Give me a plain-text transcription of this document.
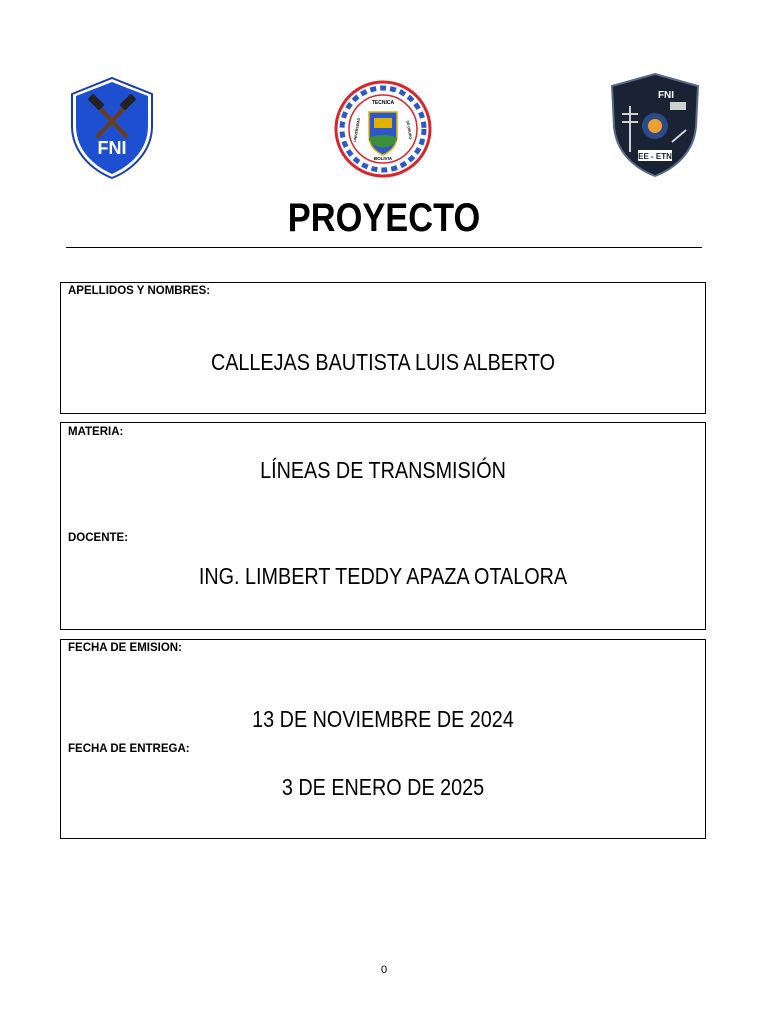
FNI
TECNICA
BOLIVIA
UNIVERSIDAD	DE ORURO
FNI
EE - ETN
PROYECTO
APELLIDOS Y NOMBRES:
CALLEJAS BAUTISTA LUIS ALBERTO
MATERIA:
LÍNEAS DE TRANSMISIÓN
DOCENTE:
ING. LIMBERT TEDDY APAZA OTALORA
FECHA DE EMISION:
13 DE NOVIEMBRE DE 2024
FECHA DE ENTREGA:
3 DE ENERO DE 2025
0
